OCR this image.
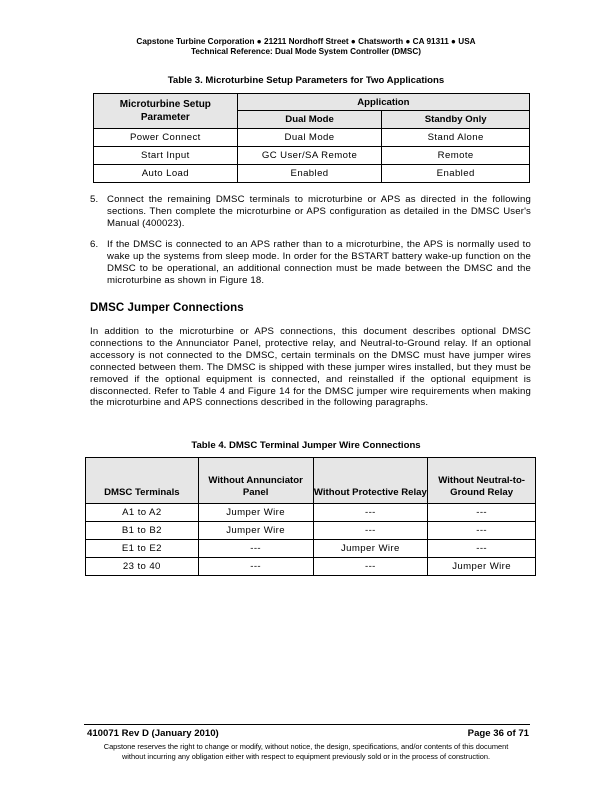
Capstone Turbine Corporation ● 21211 Nordhoff Street ● Chatsworth ● CA 91311 ● USA
Technical Reference: Dual Mode System Controller (DMSC)
Table 3. Microturbine Setup Parameters for Two Applications
Microturbine Setup Parameter	Application	
	Dual Mode	Standby Only
Power Connect	Dual Mode	Stand Alone
Start Input	GC User/SA Remote	Remote
Auto Load	Enabled	Enabled
5. Connect the remaining DMSC terminals to microturbine or APS as directed in the following sections. Then complete the microturbine or APS configuration as detailed in the DMSC User's Manual (400023).
6. If the DMSC is connected to an APS rather than to a microturbine, the APS is normally used to wake up the systems from sleep mode. In order for the BSTART battery wake-up function on the DMSC to be operational, an additional connection must be made between the DMSC and the microturbine as shown in Figure 18.
DMSC Jumper Connections
In addition to the microturbine or APS connections, this document describes optional DMSC connections to the Annunciator Panel, protective relay, and Neutral-to-Ground relay. If an optional accessory is not connected to the DMSC, certain terminals on the DMSC must have jumper wires connected between them. The DMSC is shipped with these jumper wires installed, but they must be removed if the optional equipment is connected, and reinstalled if the optional equipment is disconnected. Refer to Table 4 and Figure 14 for the DMSC jumper wire requirements when making the microturbine and APS connections described in the following paragraphs.
Table 4. DMSC Terminal Jumper Wire Connections
DMSC Terminals	Without Annunciator Panel	Without Protective Relay	Without Neutral-to-Ground Relay
A1 to A2	Jumper Wire	---	---
B1 to B2	Jumper Wire	---	---
E1 to E2	---	Jumper Wire	---
23 to 40	---	---	Jumper Wire
410071 Rev D (January 2010)	Page 36 of 71
Capstone reserves the right to change or modify, without notice, the design, specifications, and/or contents of this document
without incurring any obligation either with respect to equipment previously sold or in the process of construction.
